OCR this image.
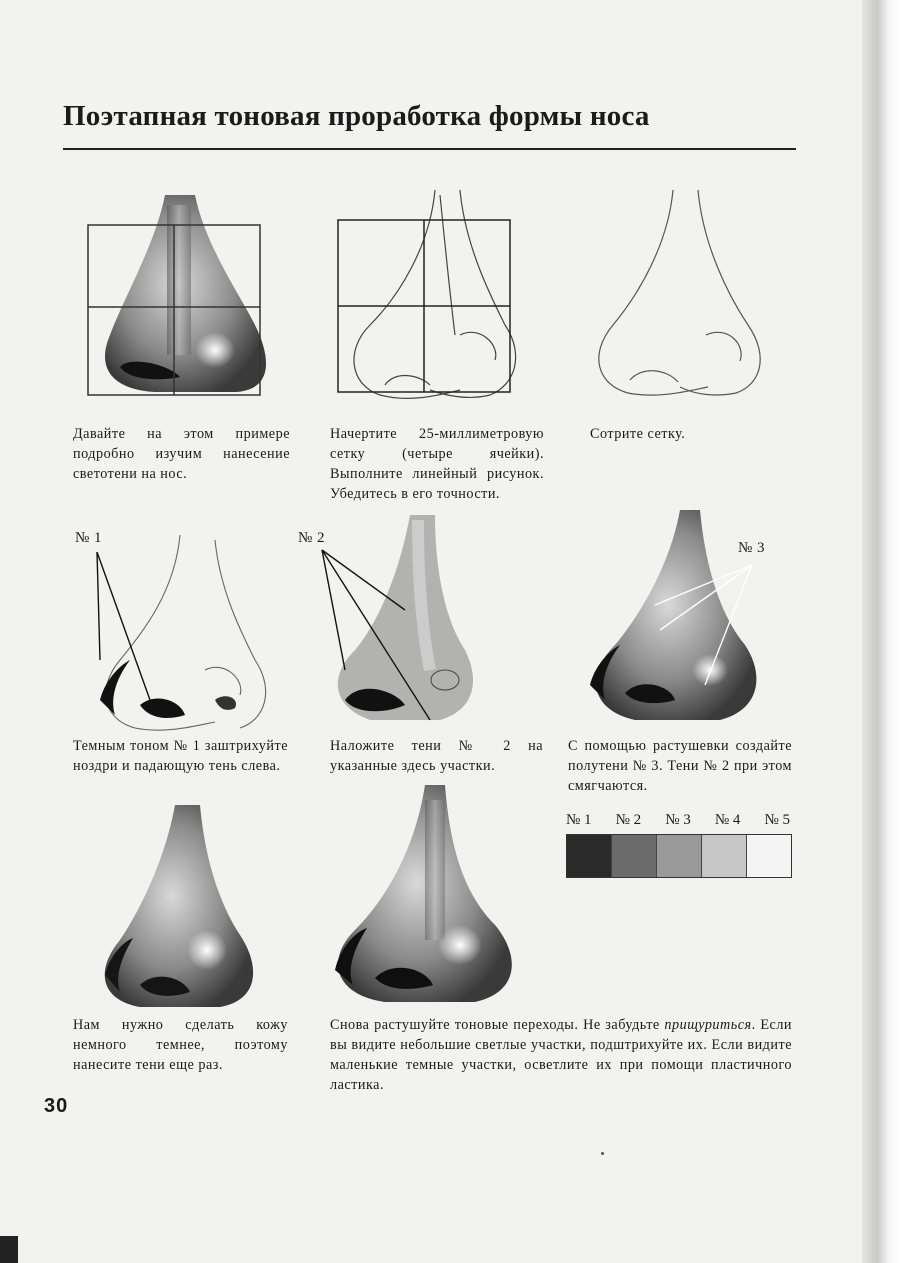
Поэтапная тоновая проработка формы носа

Давайте на этом примере подробно изучим нанесение светотени на нос.

Начертите 25-миллиметровую сетку (четыре ячейки). Выполните линейный рисунок. Убедитесь в его точности.

Сотрите сетку.

№ 1

Темным тоном № 1 заштрихуйте ноздри и падающую тень слева.

№ 2

Наложите тени № 2 на указанные здесь участки.

№ 3

С помощью растушевки создайте полутени № 3. Тени № 2 при этом смягчаются.

№ 1 № 2 № 3 № 4 № 5

Нам нужно сделать кожу немного темнее, поэтому нанесите тени еще раз.

Снова растушуйте тоновые переходы. Не забудьте прищуриться. Если вы видите небольшие светлые участки, подштрихуйте их. Если видите маленькие темные участки, осветлите их при помощи пластичного ластика.

30
